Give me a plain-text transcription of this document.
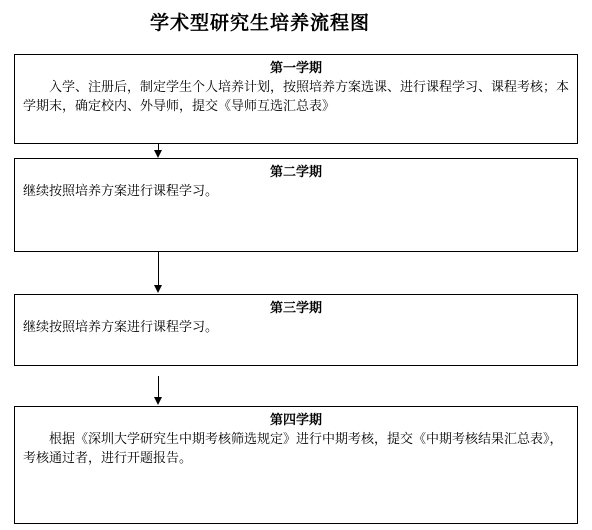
学术型研究生培养流程图
第一学期
入学、注册后，制定学生个人培养计划，按照培养方案选课、进行课程学习、课程考核；本学期末，确定校内、外导师，提交《导师互选汇总表》
第二学期
继续按照培养方案进行课程学习。
第三学期
继续按照培养方案进行课程学习。
第四学期
根据《深圳大学研究生中期考核筛选规定》进行中期考核，提交《中期考核结果汇总表》，考核通过者，进行开题报告。
